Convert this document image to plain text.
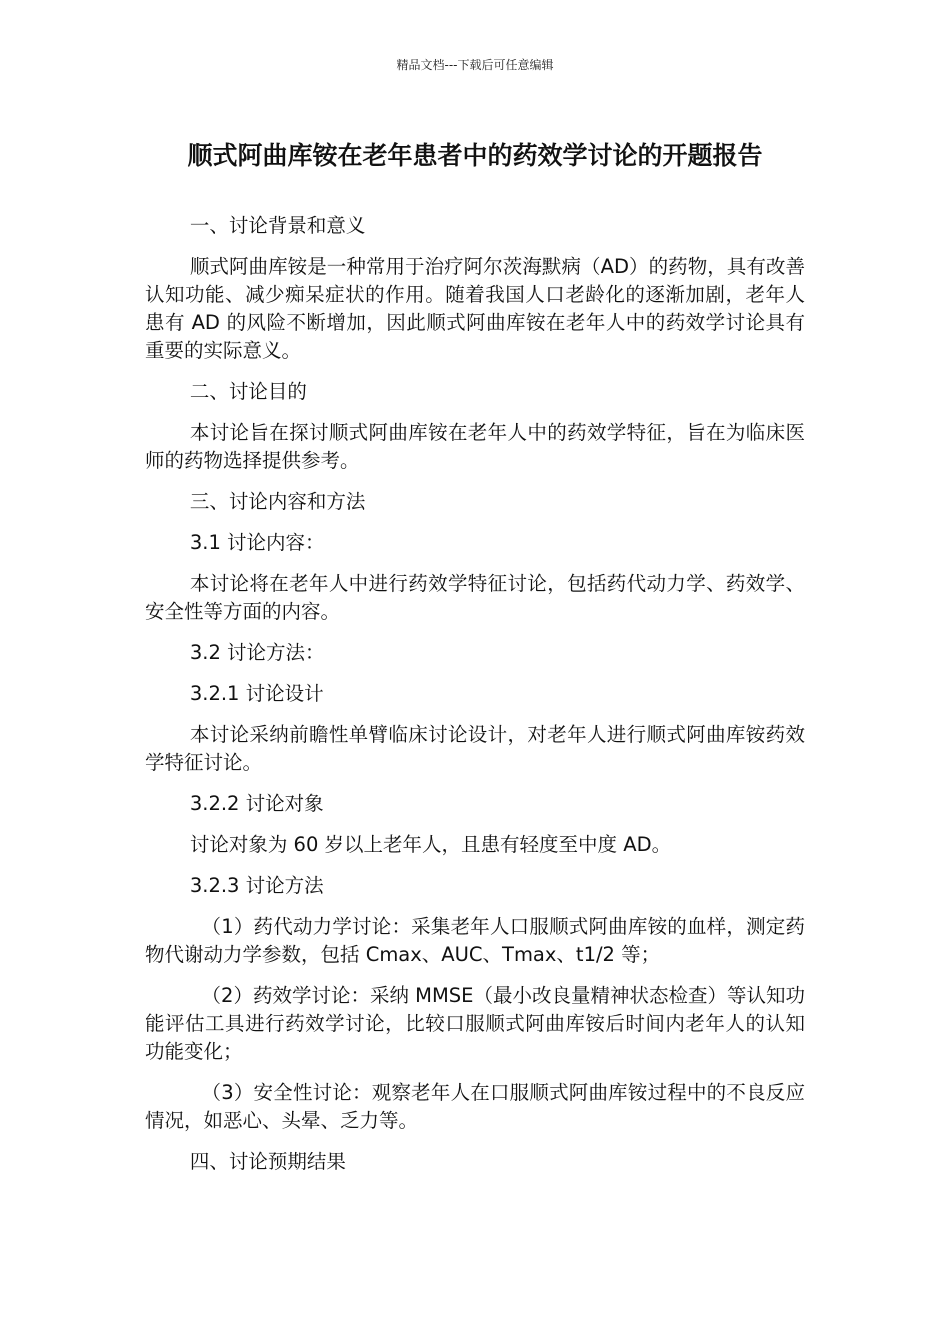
精品文档---下载后可任意编辑
顺式阿曲库铵在老年患者中的药效学讨论的开题报告

一、讨论背景和意义

顺式阿曲库铵是一种常用于治疗阿尔茨海默病（AD）的药物，具有改善认知功能、减少痴呆症状的作用。随着我国人口老龄化的逐渐加剧，老年人患有 AD 的风险不断增加，因此顺式阿曲库铵在老年人中的药效学讨论具有重要的实际意义。

二、讨论目的

本讨论旨在探讨顺式阿曲库铵在老年人中的药效学特征，旨在为临床医师的药物选择提供参考。

三、讨论内容和方法

3.1 讨论内容：

本讨论将在老年人中进行药效学特征讨论，包括药代动力学、药效学、安全性等方面的内容。

3.2 讨论方法：

3.2.1 讨论设计

本讨论采纳前瞻性单臂临床讨论设计，对老年人进行顺式阿曲库铵药效学特征讨论。

3.2.2 讨论对象

讨论对象为 60 岁以上老年人，且患有轻度至中度 AD。

3.2.3 讨论方法

（1）药代动力学讨论：采集老年人口服顺式阿曲库铵的血样，测定药物代谢动力学参数，包括 Cmax、AUC、Tmax、t1/2 等；

（2）药效学讨论：采纳 MMSE（最小改良量精神状态检查）等认知功能评估工具进行药效学讨论，比较口服顺式阿曲库铵后时间内老年人的认知功能变化；

（3）安全性讨论：观察老年人在口服顺式阿曲库铵过程中的不良反应情况，如恶心、头晕、乏力等。

四、讨论预期结果
